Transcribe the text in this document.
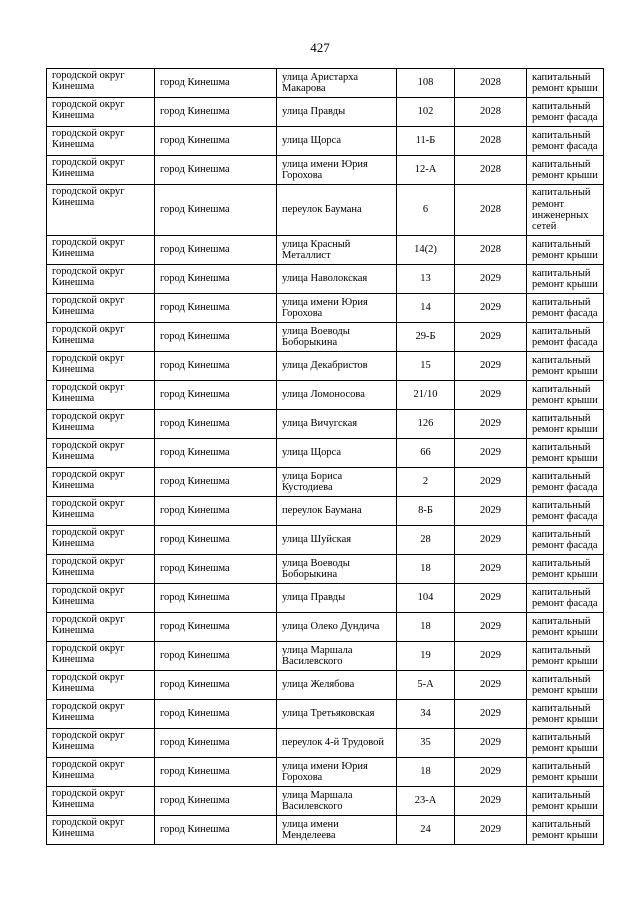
427
городской округ Кинешма	город Кинешма	улица Аристарха Макарова	108	2028	капитальный ремонт крыши
городской округ Кинешма	город Кинешма	улица Правды	102	2028	капитальный ремонт фасада
городской округ Кинешма	город Кинешма	улица Щорса	11-Б	2028	капитальный ремонт фасада
городской округ Кинешма	город Кинешма	улица имени Юрия Горохова	12-А	2028	капитальный ремонт крыши
городской округ Кинешма	город Кинешма	переулок Баумана	6	2028	капитальный ремонт инженерных сетей
городской округ Кинешма	город Кинешма	улица Красный Металлист	14(2)	2028	капитальный ремонт крыши
городской округ Кинешма	город Кинешма	улица Наволокская	13	2029	капитальный ремонт крыши
городской округ Кинешма	город Кинешма	улица имени Юрия Горохова	14	2029	капитальный ремонт фасада
городской округ Кинешма	город Кинешма	улица Воеводы Боборыкина	29-Б	2029	капитальный ремонт фасада
городской округ Кинешма	город Кинешма	улица Декабристов	15	2029	капитальный ремонт крыши
городской округ Кинешма	город Кинешма	улица Ломоносова	21/10	2029	капитальный ремонт крыши
городской округ Кинешма	город Кинешма	улица Вичугская	126	2029	капитальный ремонт крыши
городской округ Кинешма	город Кинешма	улица Щорса	66	2029	капитальный ремонт крыши
городской округ Кинешма	город Кинешма	улица Бориса Кустодиева	2	2029	капитальный ремонт фасада
городской округ Кинешма	город Кинешма	переулок Баумана	8-Б	2029	капитальный ремонт фасада
городской округ Кинешма	город Кинешма	улица Шуйская	28	2029	капитальный ремонт фасада
городской округ Кинешма	город Кинешма	улица Воеводы Боборыкина	18	2029	капитальный ремонт крыши
городской округ Кинешма	город Кинешма	улица Правды	104	2029	капитальный ремонт фасада
городской округ Кинешма	город Кинешма	улица Олеко Дундича	18	2029	капитальный ремонт крыши
городской округ Кинешма	город Кинешма	улица Маршала Василевского	19	2029	капитальный ремонт крыши
городской округ Кинешма	город Кинешма	улица Желябова	5-А	2029	капитальный ремонт крыши
городской округ Кинешма	город Кинешма	улица Третьяковская	34	2029	капитальный ремонт крыши
городской округ Кинешма	город Кинешма	переулок 4-й Трудовой	35	2029	капитальный ремонт крыши
городской округ Кинешма	город Кинешма	улица имени Юрия Горохова	18	2029	капитальный ремонт крыши
городской округ Кинешма	город Кинешма	улица Маршала Василевского	23-А	2029	капитальный ремонт крыши
городской округ Кинешма	город Кинешма	улица имени Менделеева	24	2029	капитальный ремонт крыши
